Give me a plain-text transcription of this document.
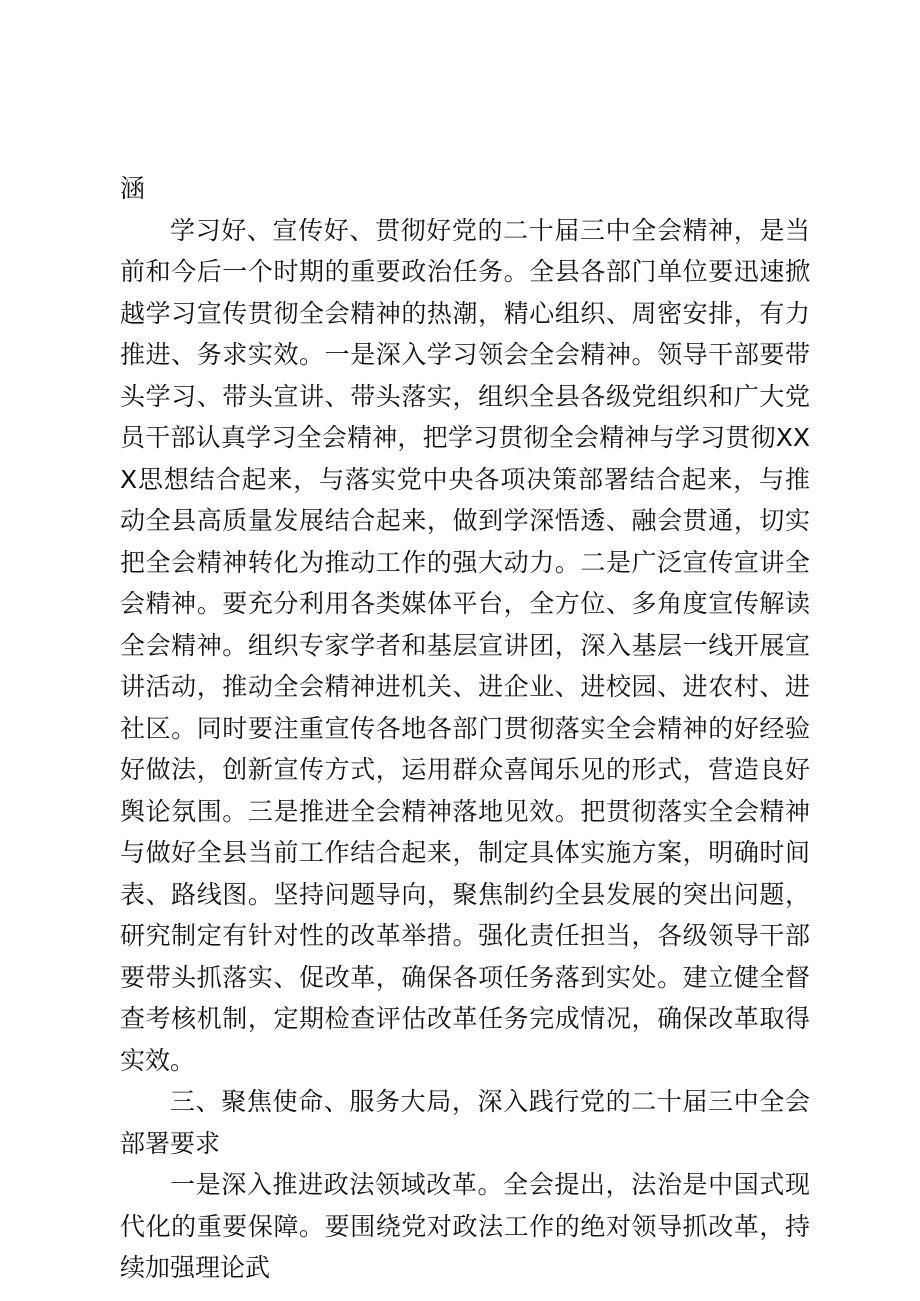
涵

学习好、宣传好、贯彻好党的二十届三中全会精神，是当前和今后一个时期的重要政治任务。全县各部门单位要迅速掀越学习宣传贯彻全会精神的热潮，精心组织、周密安排，有力推进、务求实效。一是深入学习领会全会精神。领导干部要带头学习、带头宣讲、带头落实，组织全县各级党组织和广大党员干部认真学习全会精神，把学习贯彻全会精神与学习贯彻XXX思想结合起来，与落实党中央各项决策部署结合起来，与推动全县高质量发展结合起来，做到学深悟透、融会贯通，切实把全会精神转化为推动工作的强大动力。二是广泛宣传宣讲全会精神。要充分利用各类媒体平台，全方位、多角度宣传解读全会精神。组织专家学者和基层宣讲团，深入基层一线开展宣讲活动，推动全会精神进机关、进企业、进校园、进农村、进社区。同时要注重宣传各地各部门贯彻落实全会精神的好经验好做法，创新宣传方式，运用群众喜闻乐见的形式，营造良好舆论氛围。三是推进全会精神落地见效。把贯彻落实全会精神与做好全县当前工作结合起来，制定具体实施方案，明确时间表、路线图。坚持问题导向，聚焦制约全县发展的突出问题，研究制定有针对性的改革举措。强化责任担当，各级领导干部要带头抓落实、促改革，确保各项任务落到实处。建立健全督查考核机制，定期检查评估改革任务完成情况，确保改革取得实效。

三、聚焦使命、服务大局，深入践行党的二十届三中全会部署要求

一是深入推进政法领域改革。全会提出，法治是中国式现代化的重要保障。要围绕党对政法工作的绝对领导抓改革，持续加强理论武
